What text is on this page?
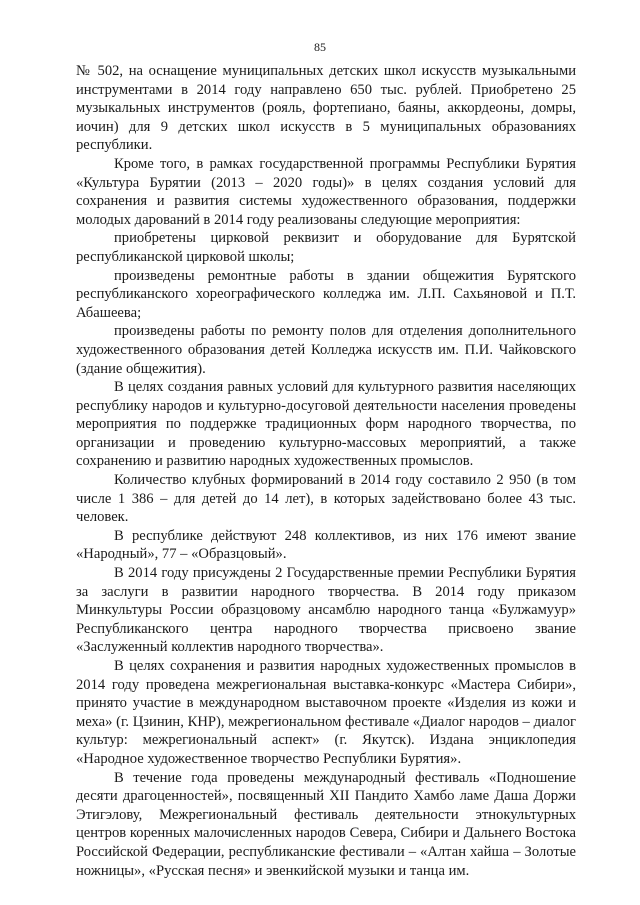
85

№ 502, на оснащение муниципальных детских школ искусств музыкальными инструментами в 2014 году направлено 650 тыс. рублей. Приобретено 25 музыкальных инструментов (рояль, фортепиано, баяны, аккордеоны, домры, иочин) для 9 детских школ искусств в 5 муниципальных образованиях республики.

Кроме того, в рамках государственной программы Республики Бурятия «Культура Бурятии (2013 – 2020 годы)» в целях создания условий для сохранения и развития системы художественного образования, поддержки молодых дарований в 2014 году реализованы следующие мероприятия:

приобретены цирковой реквизит и оборудование для Бурятской республиканской цирковой школы;

произведены ремонтные работы в здании общежития Бурятского республиканского хореографического колледжа им. Л.П. Сахьяновой и П.Т. Абашеева;

произведены работы по ремонту полов для отделения дополнительного художественного образования детей Колледжа искусств им. П.И. Чайковского (здание общежития).

В целях создания равных условий для культурного развития населяющих республику народов и культурно-досуговой деятельности населения проведены мероприятия по поддержке традиционных форм народного творчества, по организации и проведению культурно-массовых мероприятий, а также сохранению и развитию народных художественных промыслов.

Количество клубных формирований в 2014 году составило 2 950 (в том числе 1 386 – для детей до 14 лет), в которых задействовано более 43 тыс. человек.

В республике действуют 248 коллективов, из них 176 имеют звание «Народный», 77 – «Образцовый».

В 2014 году присуждены 2 Государственные премии Республики Бурятия за заслуги в развитии народного творчества. В 2014 году приказом Минкультуры России образцовому ансамблю народного танца «Булжамуур» Республиканского центра народного творчества присвоено звание «Заслуженный коллектив народного творчества».

В целях сохранения и развития народных художественных промыслов в 2014 году проведена межрегиональная выставка-конкурс «Мастера Сибири», принято участие в международном выставочном проекте «Изделия из кожи и меха» (г. Цзинин, КНР), межрегиональном фестивале «Диалог народов – диалог культур: межрегиональный аспект» (г. Якутск). Издана энциклопедия «Народное художественное творчество Республики Бурятия».

В течение года проведены международный фестиваль «Подношение десяти драгоценностей», посвященный XII Пандито Хамбо ламе Даша Доржи Этигэлову, Межрегиональный фестиваль деятельности этнокультурных центров коренных малочисленных народов Севера, Сибири и Дальнего Востока Российской Федерации, республиканские фестивали – «Алтан хайша – Золотые ножницы», «Русская песня» и эвенкийской музыки и танца им.
